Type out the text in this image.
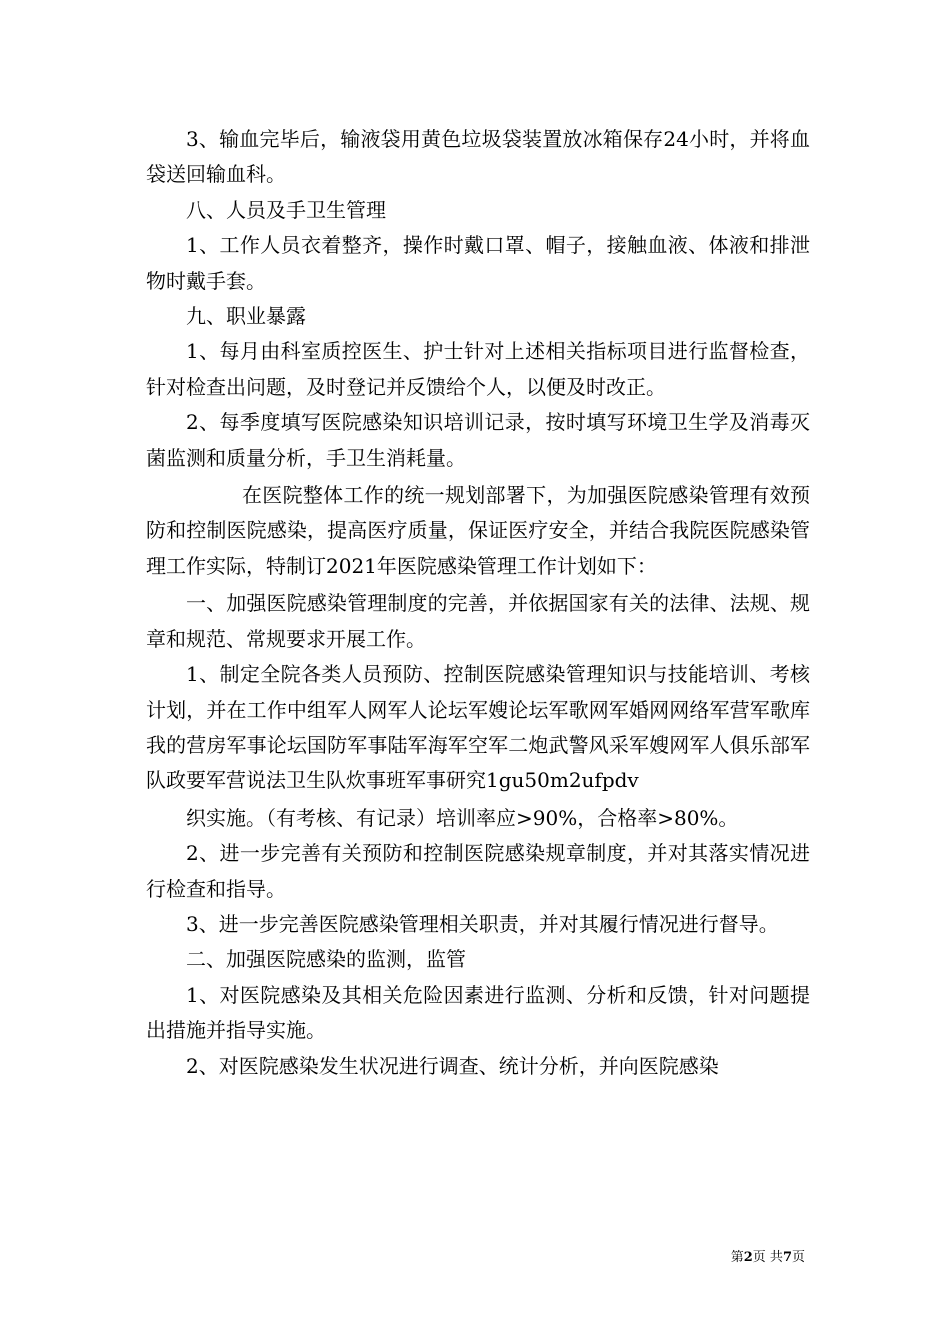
3、输血完毕后，输液袋用黄色垃圾袋装置放冰箱保存24小时，并将血袋送回输血科。

八、人员及手卫生管理

1、工作人员衣着整齐，操作时戴口罩、帽子，接触血液、体液和排泄物时戴手套。

九、职业暴露

1、每月由科室质控医生、护士针对上述相关指标项目进行监督检查，针对检查出问题，及时登记并反馈给个人，以便及时改正。

2、每季度填写医院感染知识培训记录，按时填写环境卫生学及消毒灭菌监测和质量分析，手卫生消耗量。

在医院整体工作的统一规划部署下，为加强医院感染管理有效预防和控制医院感染，提高医疗质量，保证医疗安全，并结合我院医院感染管理工作实际，特制订2021年医院感染管理工作计划如下：

一、加强医院感染管理制度的完善，并依据国家有关的法律、法规、规章和规范、常规要求开展工作。

1、制定全院各类人员预防、控制医院感染管理知识与技能培训、考核计划，并在工作中组军人网军人论坛军嫂论坛军歌网军婚网网络军营军歌库我的营房军事论坛国防军事陆军海军空军二炮武警风采军嫂网军人俱乐部军队政要军营说法卫生队炊事班军事研究1gu50m2ufpdv

织实施。（有考核、有记录）培训率应>90%，合格率>80%。

2、进一步完善有关预防和控制医院感染规章制度，并对其落实情况进行检查和指导。

3、进一步完善医院感染管理相关职责，并对其履行情况进行督导。

二、加强医院感染的监测，监管

1、对医院感染及其相关危险因素进行监测、分析和反馈，针对问题提出措施并指导实施。

2、对医院感染发生状况进行调查、统计分析，并向医院感染

第2页 共7页
